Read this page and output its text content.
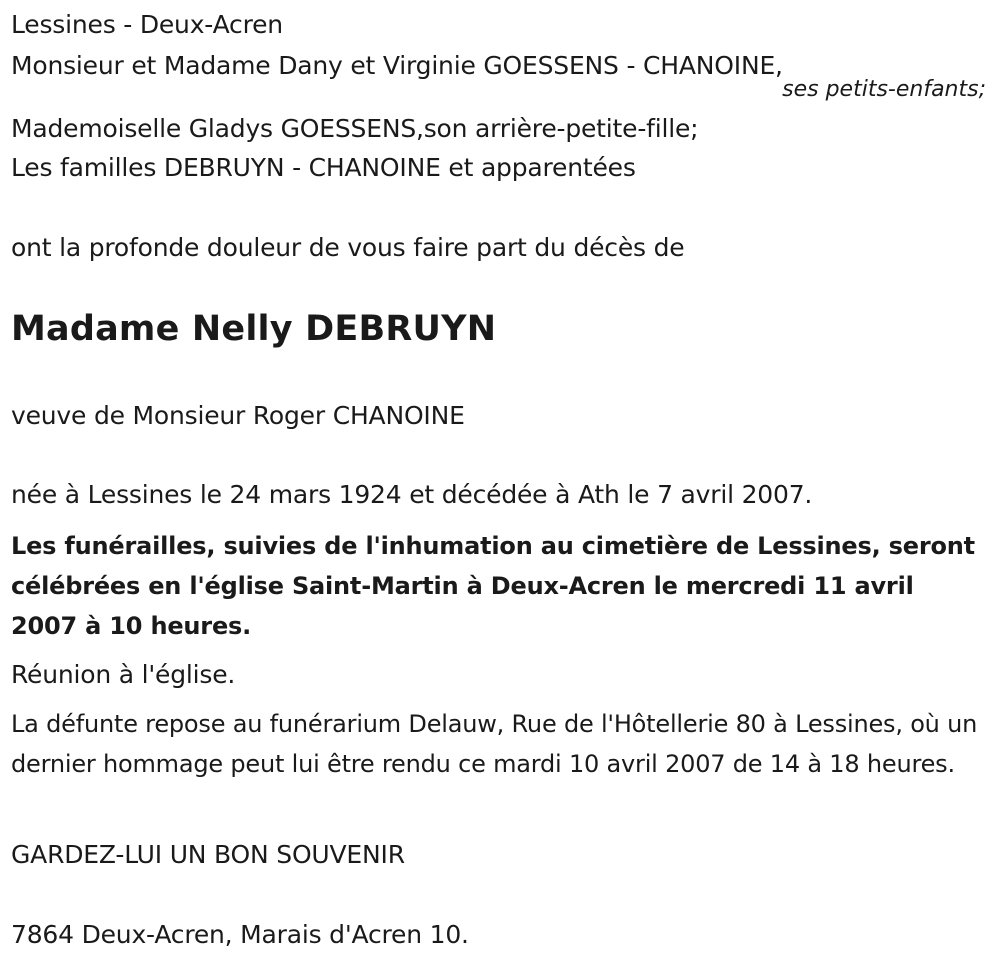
Lessines - Deux-Acren

Monsieur et Madame Dany et Virginie GOESSENS - CHANOINE,

ses petits-enfants;

Mademoiselle Gladys GOESSENS,son arrière-petite-fille;

Les familles DEBRUYN - CHANOINE et apparentées

ont la profonde douleur de vous faire part du décès de

Madame Nelly DEBRUYN

veuve de Monsieur Roger CHANOINE

née à Lessines le 24 mars 1924 et décédée à Ath le 7 avril 2007.

Les funérailles, suivies de l'inhumation au cimetière de Lessines, seront célébrées en l'église Saint-Martin à Deux-Acren le mercredi 11 avril 2007 à 10 heures.

Réunion à l'église.

La défunte repose au funérarium Delauw, Rue de l'Hôtellerie 80 à Lessines, où un dernier hommage peut lui être rendu ce mardi 10 avril 2007 de 14 à 18 heures.

GARDEZ-LUI UN BON SOUVENIR

7864 Deux-Acren, Marais d'Acren 10.
